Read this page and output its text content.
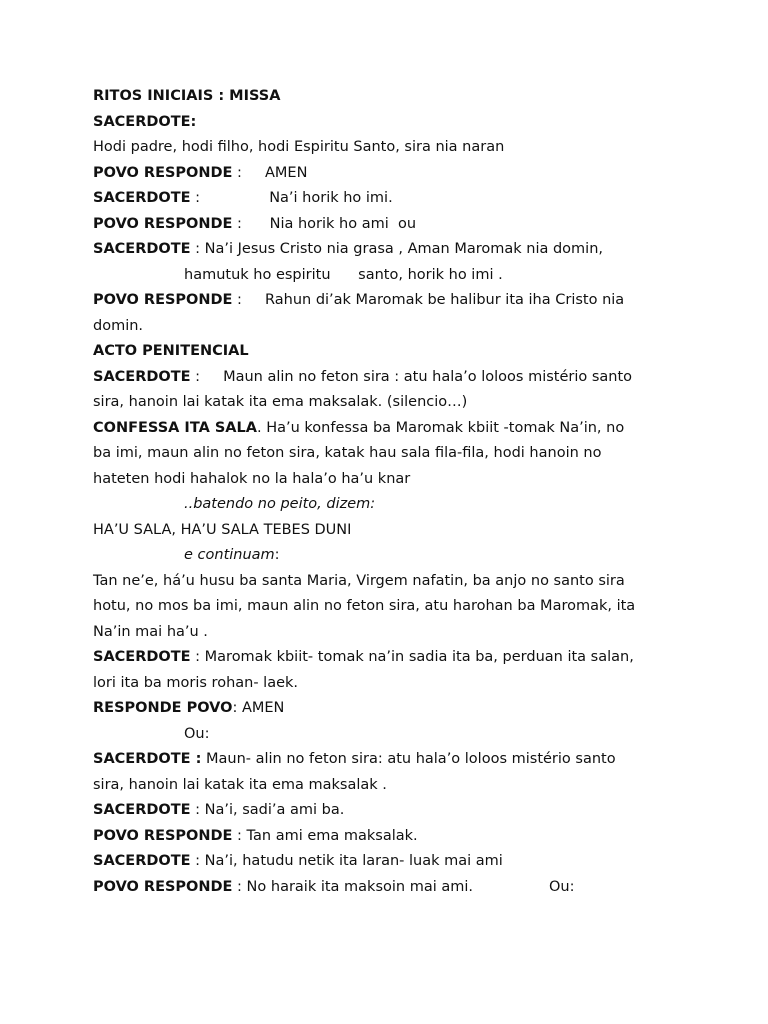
RITOS INICIAIS : MISSA
SACERDOTE:
Hodi padre, hodi filho, hodi Espiritu Santo, sira nia naran
POVO RESPONDE :     AMEN
SACERDOTE :               Na’i horik ho imi.
POVO RESPONDE :      Nia horik ho ami  ou
SACERDOTE : Na’i Jesus Cristo nia grasa , Aman Maromak nia domin,
hamutuk ho espiritu      santo, horik ho imi .
POVO RESPONDE :     Rahun di’ak Maromak be halibur ita iha Cristo nia
domin.
ACTO PENITENCIAL
SACERDOTE :     Maun alin no feton sira : atu hala’o loloos mistério santo
sira, hanoin lai katak ita ema maksalak. (silencio…)
CONFESSA ITA SALA. Ha’u konfessa ba Maromak kbiit -tomak Na’in, no
ba imi, maun alin no feton sira, katak hau sala fila-fila, hodi hanoin no
hateten hodi hahalok no la hala’o ha’u knar
..batendo no peito, dizem:
HA’U SALA, HA’U SALA TEBES DUNI
e continuam:
Tan ne’e, há’u husu ba santa Maria, Virgem nafatin, ba anjo no santo sira
hotu, no mos ba imi, maun alin no feton sira, atu harohan ba Maromak, ita
Na’in mai ha’u .
SACERDOTE : Maromak kbiit- tomak na’in sadia ita ba, perduan ita salan,
lori ita ba moris rohan- laek.
RESPONDE POVO: AMEN
Ou:
SACERDOTE : Maun- alin no feton sira: atu hala’o loloos mistério santo
sira, hanoin lai katak ita ema maksalak .
SACERDOTE : Na’i, sadi’a ami ba.
POVO RESPONDE : Tan ami ema maksalak.
SACERDOTE : Na’i, hatudu netik ita laran- luak mai ami
POVO RESPONDE : No haraik ita maksoin mai ami.	Ou:
